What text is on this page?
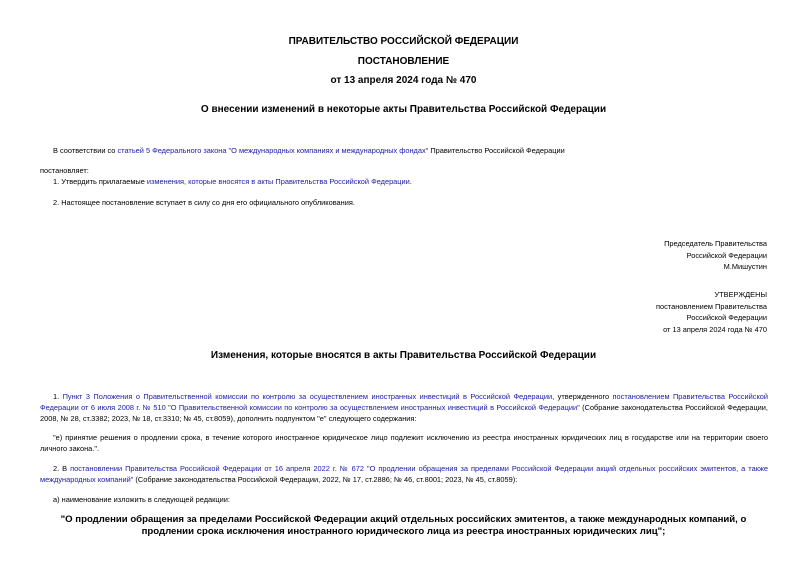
ПРАВИТЕЛЬСТВО РОССИЙСКОЙ ФЕДЕРАЦИИ
ПОСТАНОВЛЕНИЕ
от 13 апреля 2024 года № 470
О внесении изменений в некоторые акты Правительства Российской Федерации
В соответствии со статьей 5 Федерального закона "О международных компаниях и международных фондах" Правительство Российской Федерации
постановляет:
1. Утвердить прилагаемые изменения, которые вносятся в акты Правительства Российской Федерации.
2. Настоящее постановление вступает в силу со дня его официального опубликования.
Председатель Правительства
Российской Федерации
М.Мишустин
УТВЕРЖДЕНЫ
постановлением Правительства
Российской Федерации
от 13 апреля 2024 года № 470
Изменения, которые вносятся в акты Правительства Российской Федерации
1. Пункт 3 Положения о Правительственной комиссии по контролю за осуществлением иностранных инвестиций в Российской Федерации, утвержденного постановлением Правительства Российской Федерации от 6 июля 2008 г. № 510 "О Правительственной комиссии по контролю за осуществлением иностранных инвестиций в Российской Федерации" (Собрание законодательства Российской Федерации, 2008, № 28, ст.3382; 2023, № 18, ст.3310; № 45, ст.8059), дополнить подпунктом "е" следующего содержания:
"е) принятие решения о продлении срока, в течение которого иностранное юридическое лицо подлежит исключению из реестра иностранных юридических лиц в государстве или на территории своего личного закона.".
2. В постановлении Правительства Российской Федерации от 16 апреля 2022 г. № 672 "О продлении обращения за пределами Российской Федерации акций отдельных российских эмитентов, а также международных компаний" (Собрание законодательства Российской Федерации, 2022, № 17, ст.2886; № 46, ст.8001; 2023, № 45, ст.8059):
а) наименование изложить в следующей редакции:
"О продлении обращения за пределами Российской Федерации акций отдельных российских эмитентов, а также международных компаний, о продлении срока исключения иностранного юридического лица из реестра иностранных юридических лиц";
